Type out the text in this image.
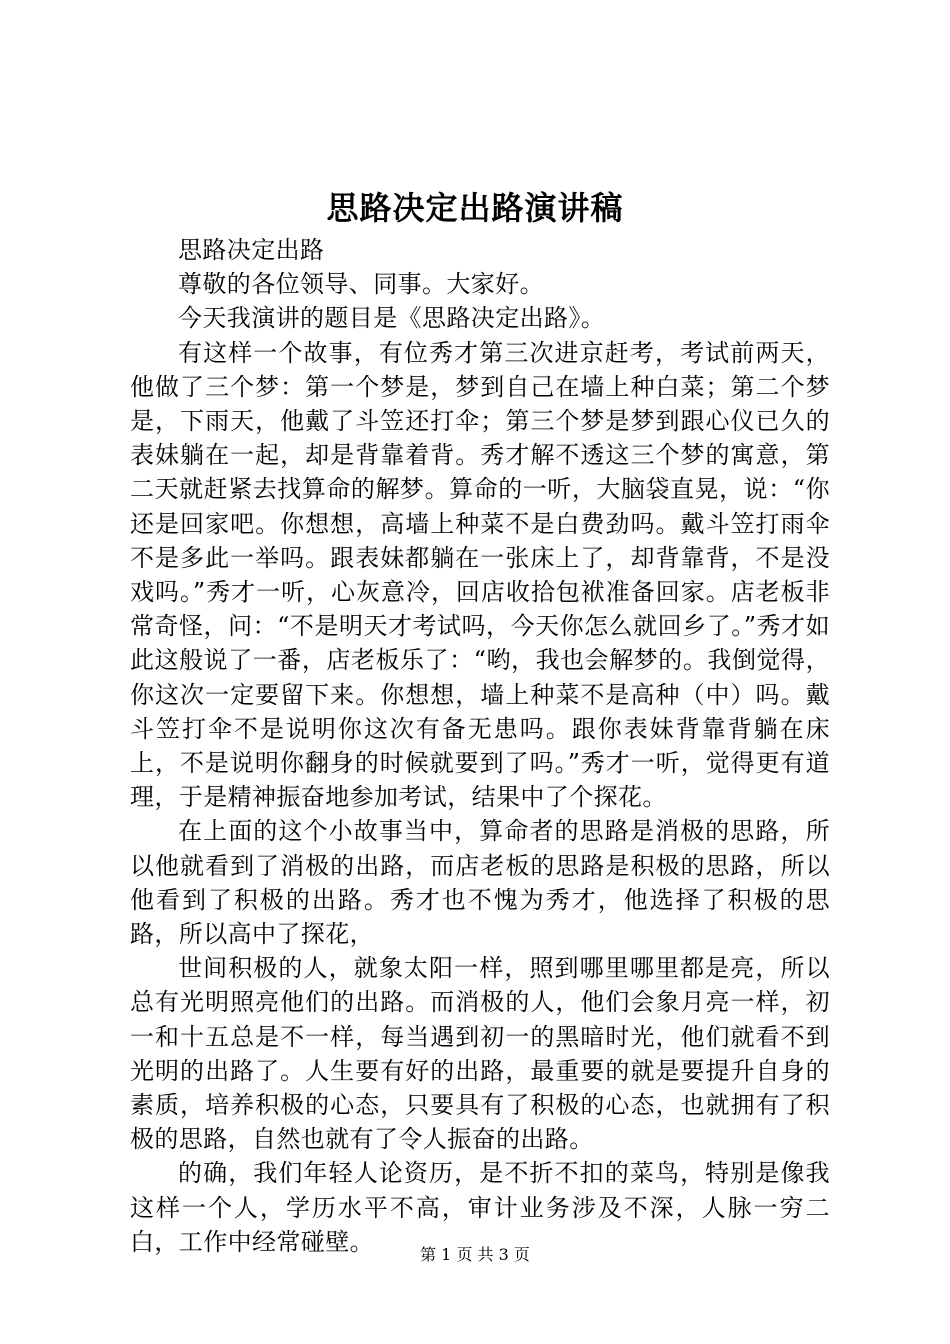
思路决定出路演讲稿

思路决定出路

尊敬的各位领导、同事。大家好。

今天我演讲的题目是《思路决定出路》。

有这样一个故事，有位秀才第三次进京赶考，考试前两天，他做了三个梦：第一个梦是，梦到自己在墙上种白菜；第二个梦是，下雨天，他戴了斗笠还打伞；第三个梦是梦到跟心仪已久的表妹躺在一起，却是背靠着背。秀才解不透这三个梦的寓意，第二天就赶紧去找算命的解梦。算命的一听，大脑袋直晃，说：“你还是回家吧。你想想，高墙上种菜不是白费劲吗。戴斗笠打雨伞不是多此一举吗。跟表妹都躺在一张床上了，却背靠背，不是没戏吗。”秀才一听，心灰意冷，回店收拾包袱准备回家。店老板非常奇怪，问：“不是明天才考试吗，今天你怎么就回乡了。”秀才如此这般说了一番，店老板乐了：“哟，我也会解梦的。我倒觉得，你这次一定要留下来。你想想，墙上种菜不是高种（中）吗。戴斗笠打伞不是说明你这次有备无患吗。跟你表妹背靠背躺在床上，不是说明你翻身的时候就要到了吗。”秀才一听，觉得更有道理，于是精神振奋地参加考试，结果中了个探花。

在上面的这个小故事当中，算命者的思路是消极的思路，所以他就看到了消极的出路，而店老板的思路是积极的思路，所以他看到了积极的出路。秀才也不愧为秀才，他选择了积极的思路，所以高中了探花，

世间积极的人，就象太阳一样，照到哪里哪里都是亮，所以总有光明照亮他们的出路。而消极的人，他们会象月亮一样，初一和十五总是不一样，每当遇到初一的黑暗时光，他们就看不到光明的出路了。人生要有好的出路，最重要的就是要提升自身的素质，培养积极的心态，只要具有了积极的心态，也就拥有了积极的思路，自然也就有了令人振奋的出路。

的确，我们年轻人论资历，是不折不扣的菜鸟，特别是像我这样一个人，学历水平不高，审计业务涉及不深，人脉一穷二白，工作中经常碰壁。	第 1 页 共 3 页
